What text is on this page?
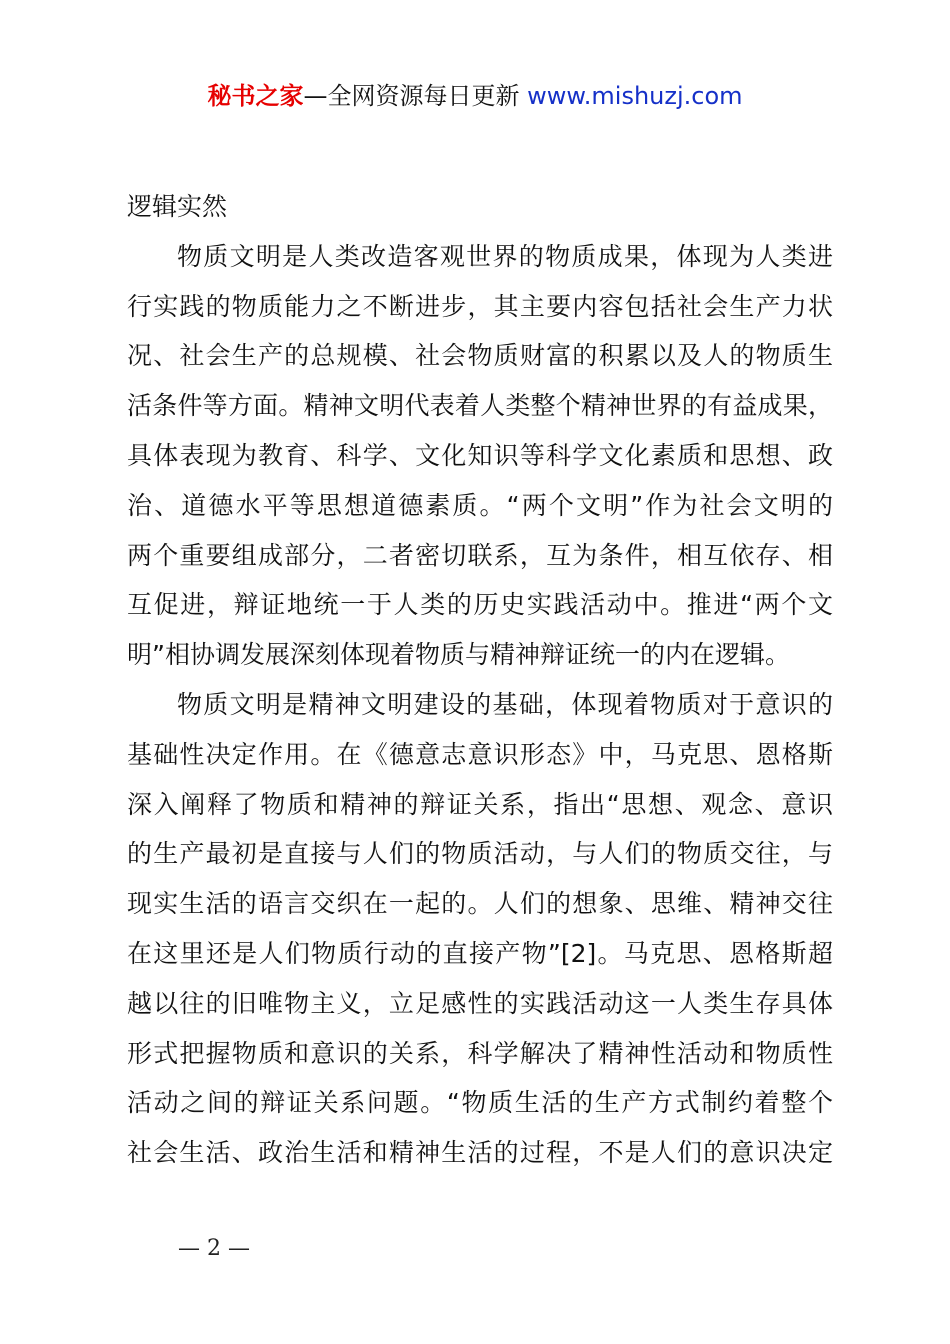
秘书之家—全网资源每日更新 www.mishuzj.com
逻辑实然
物质文明是人类改造客观世界的物质成果，体现为人类进
行实践的物质能力之不断进步，其主要内容包括社会生产力状
况、社会生产的总规模、社会物质财富的积累以及人的物质生
活条件等方面。精神文明代表着人类整个精神世界的有益成果，
具体表现为教育、科学、文化知识等科学文化素质和思想、政
治、道德水平等思想道德素质。“两个文明”作为社会文明的
两个重要组成部分，二者密切联系，互为条件，相互依存、相
互促进，辩证地统一于人类的历史实践活动中。推进“两个文
明”相协调发展深刻体现着物质与精神辩证统一的内在逻辑。
物质文明是精神文明建设的基础，体现着物质对于意识的
基础性决定作用。在《德意志意识形态》中，马克思、恩格斯
深入阐释了物质和精神的辩证关系，指出“思想、观念、意识
的生产最初是直接与人们的物质活动，与人们的物质交往，与
现实生活的语言交织在一起的。人们的想象、思维、精神交往
在这里还是人们物质行动的直接产物”[2]。马克思、恩格斯超
越以往的旧唯物主义，立足感性的实践活动这一人类生存具体
形式把握物质和意识的关系，科学解决了精神性活动和物质性
活动之间的辩证关系问题。“物质生活的生产方式制约着整个
社会生活、政治生活和精神生活的过程，不是人们的意识决定
— 2 —
